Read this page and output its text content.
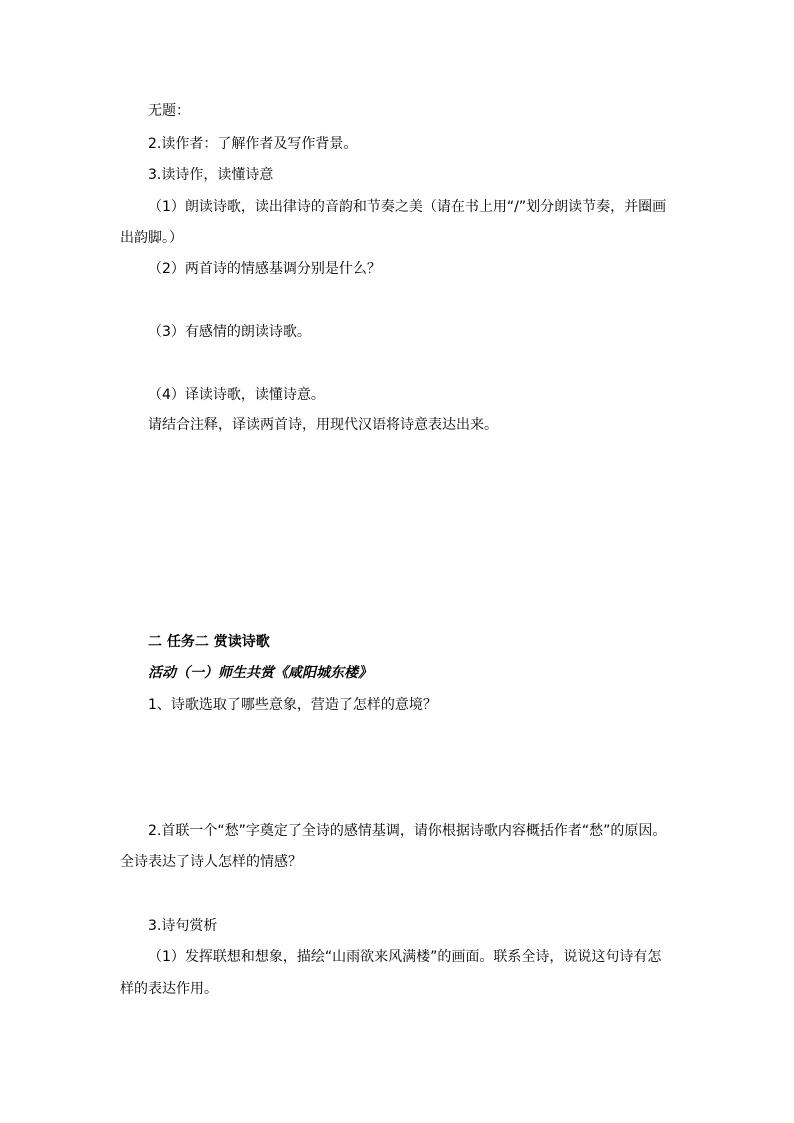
无题：
2.读作者：了解作者及写作背景。
3.读诗作，读懂诗意
（1）朗读诗歌，读出律诗的音韵和节奏之美（请在书上用“/”划分朗读节奏，并圈画
出韵脚。）
（2）两首诗的情感基调分别是什么？
（3）有感情的朗读诗歌。
（4）译读诗歌，读懂诗意。
请结合注释，译读两首诗，用现代汉语将诗意表达出来。
二 任务二 赏读诗歌
活动（一）师生共赏《咸阳城东楼》
1、诗歌选取了哪些意象，营造了怎样的意境？
2.首联一个“愁”字奠定了全诗的感情基调，请你根据诗歌内容概括作者“愁”的原因。
全诗表达了诗人怎样的情感？
3.诗句赏析
（1）发挥联想和想象，描绘“山雨欲来风满楼”的画面。联系全诗，说说这句诗有怎
样的表达作用。
